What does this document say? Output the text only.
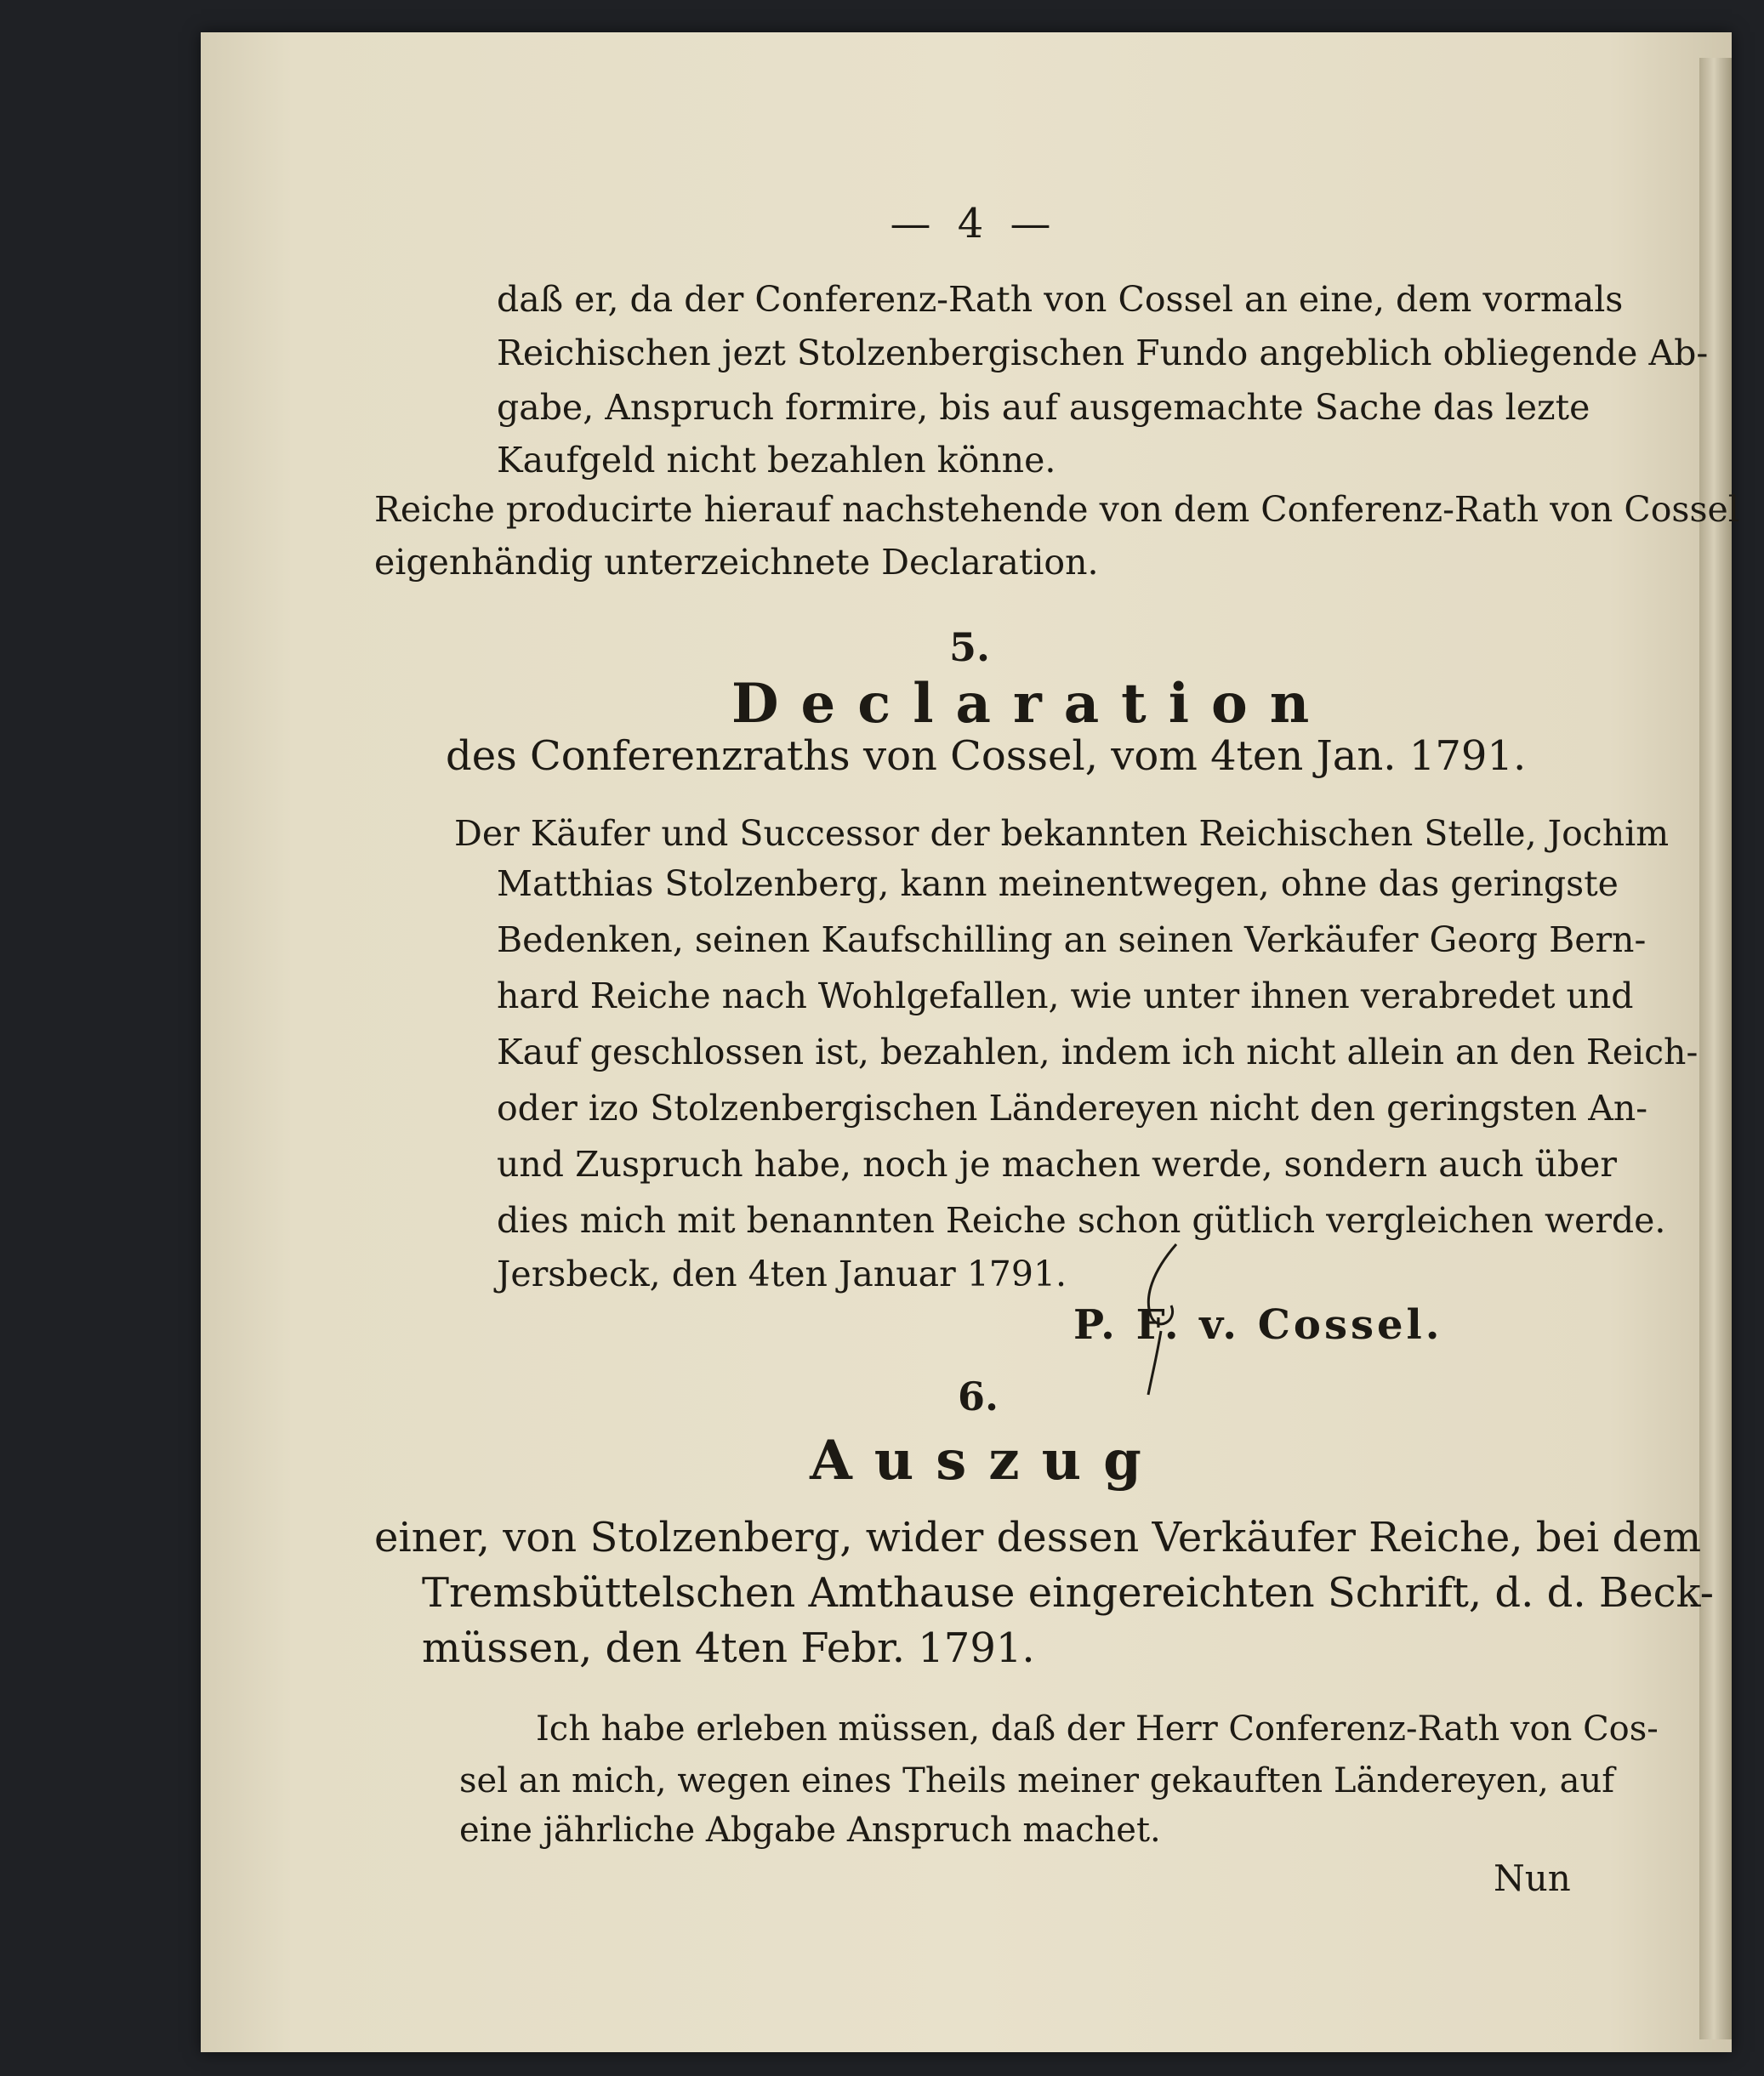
— 4 —
daß er, da der Conferenz-Rath von Cossel an eine, dem vormals
Reichischen jezt Stolzenbergischen Fundo angeblich obliegende Ab-
gabe, Anspruch formire, bis auf ausgemachte Sache das lezte
Kaufgeld nicht bezahlen könne.
Reiche producirte hierauf nachstehende von dem Conferenz-Rath von Cossel
eigenhändig unterzeichnete Declaration.
5.
Declaration
des Conferenzraths von Cossel, vom 4ten Jan. 1791.
Der Käufer und Successor der bekannten Reichischen Stelle, Jochim
Matthias Stolzenberg, kann meinentwegen, ohne das geringste
Bedenken, seinen Kaufschilling an seinen Verkäufer Georg Bern-
hard Reiche nach Wohlgefallen, wie unter ihnen verabredet und
Kauf geschlossen ist, bezahlen, indem ich nicht allein an den Reich-
oder izo Stolzenbergischen Ländereyen nicht den geringsten An-
und Zuspruch habe, noch je machen werde, sondern auch über
dies mich mit benannten Reiche schon gütlich vergleichen werde.
Jersbeck, den 4ten Januar 1791.
P. F. v. Cossel.
6.
Auszug
einer, von Stolzenberg, wider dessen Verkäufer Reiche, bei dem
Tremsbüttelschen Amthause eingereichten Schrift, d. d. Beck-
müssen, den 4ten Febr. 1791.
Ich habe erleben müssen, daß der Herr Conferenz-Rath von Cos-
sel an mich, wegen eines Theils meiner gekauften Ländereyen, auf
eine jährliche Abgabe Anspruch machet.
Nun
